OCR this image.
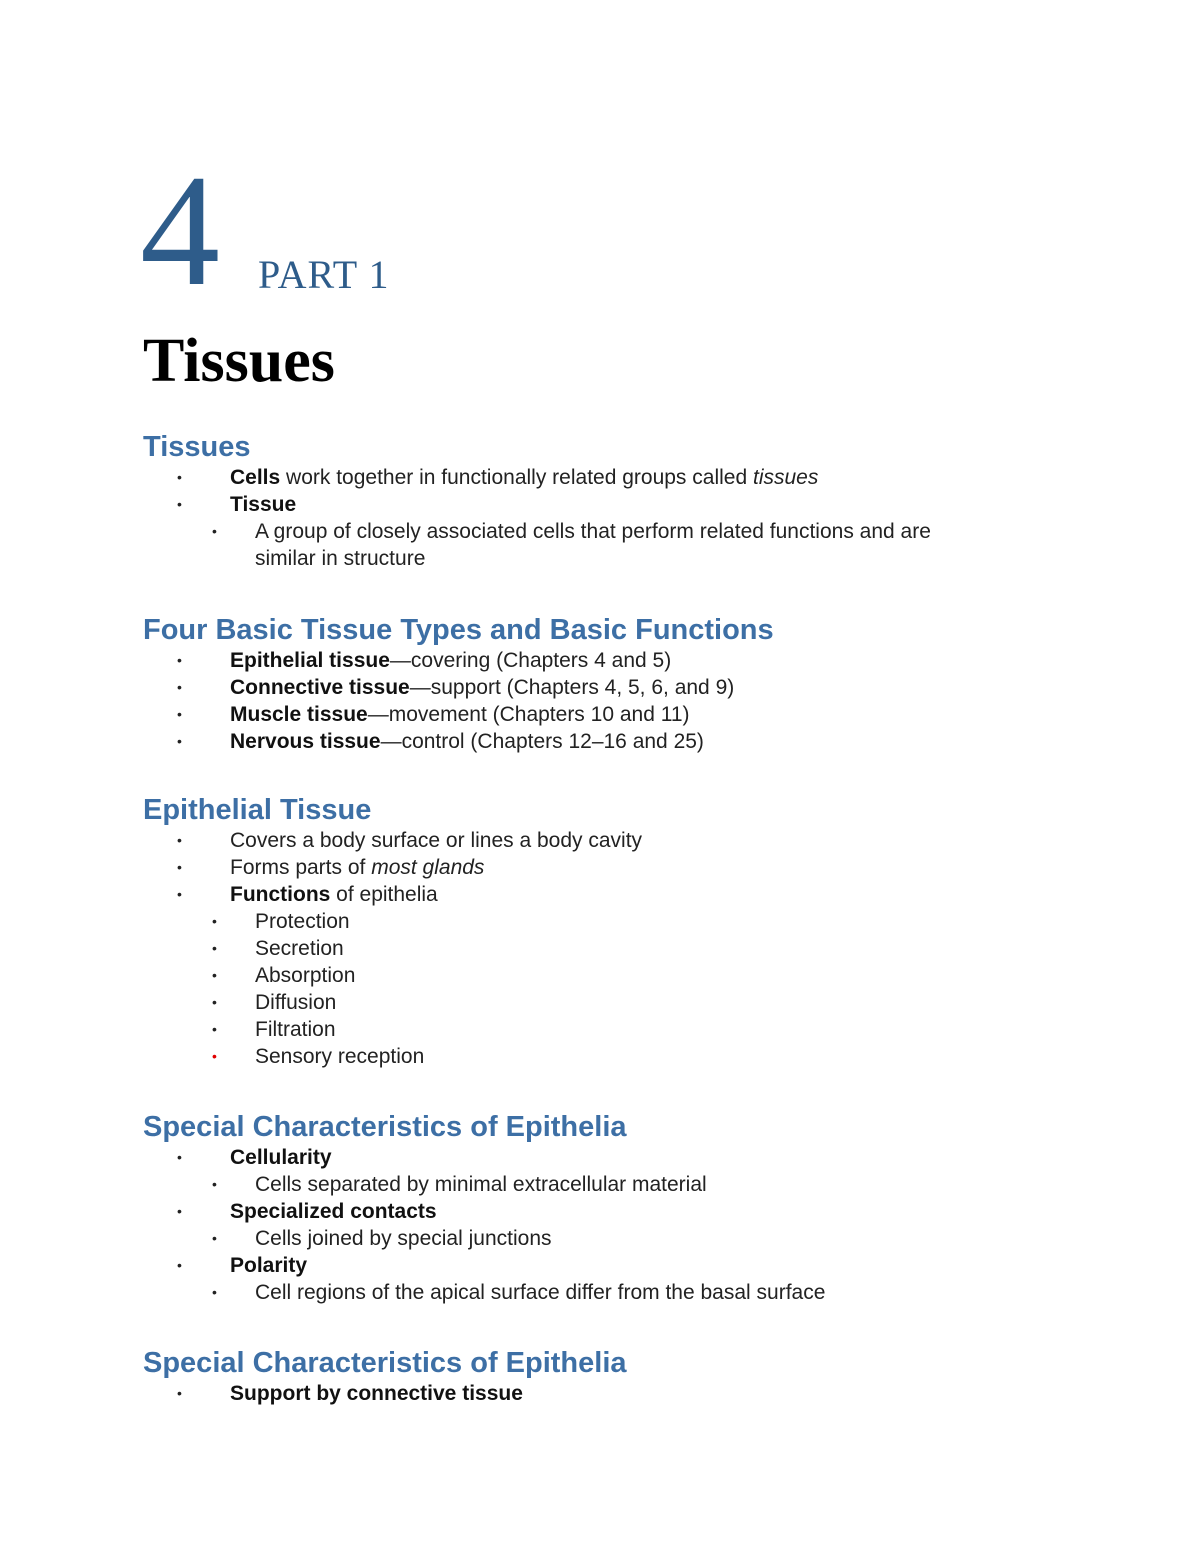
4 PART 1
Tissues
Tissues

• Cells work together in functionally related groups called tissues

• Tissue

• A group of closely associated cells that perform related functions and are
similar in structure

Four Basic Tissue Types and Basic Functions

• Epithelial tissue—covering (Chapters 4 and 5)

• Connective tissue—support (Chapters 4, 5, 6, and 9)

• Muscle tissue—movement (Chapters 10 and 11)

• Nervous tissue—control (Chapters 12–16 and 25)

Epithelial Tissue

• Covers a body surface or lines a body cavity

• Forms parts of most glands

• Functions of epithelia

• Protection

• Secretion

• Absorption

• Diffusion

• Filtration

• Sensory reception

Special Characteristics of Epithelia

• Cellularity

• Cells separated by minimal extracellular material

• Specialized contacts

• Cells joined by special junctions

• Polarity

• Cell regions of the apical surface differ from the basal surface

Special Characteristics of Epithelia

• Support by connective tissue
